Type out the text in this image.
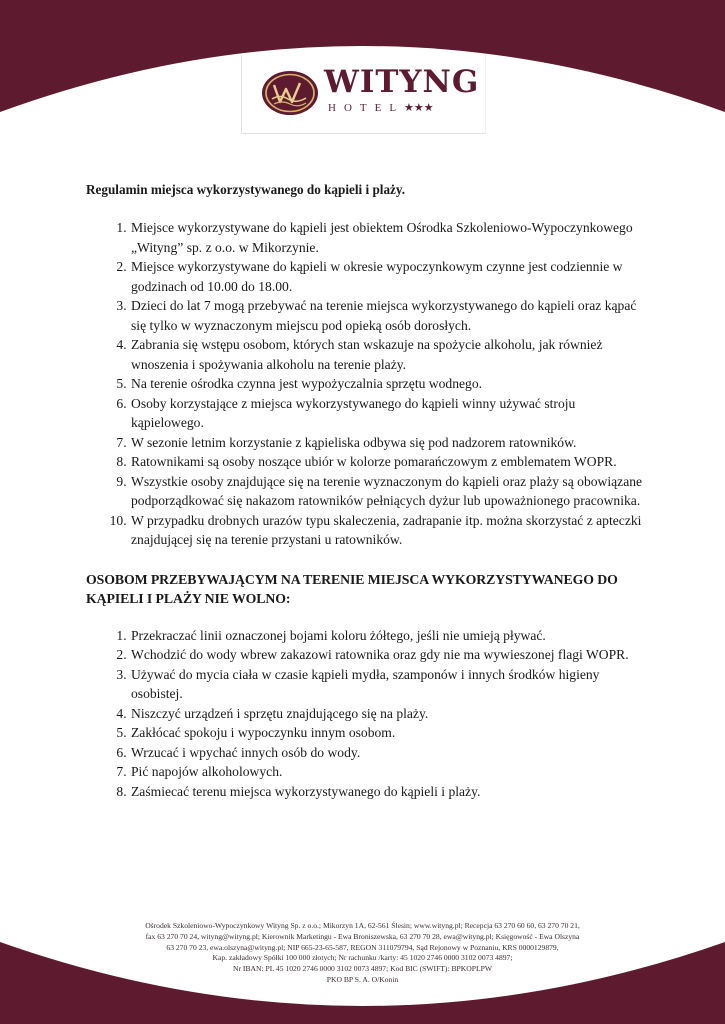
WITYNG
HOTEL★★★

Regulamin miejsca wykorzystywanego do kąpieli i plaży.

1. Miejsce wykorzystywane do kąpieli jest obiektem Ośrodka Szkoleniowo-Wypoczynkowego „Wityng” sp. z o.o. w Mikorzynie.
2. Miejsce wykorzystywane do kąpieli w okresie wypoczynkowym czynne jest codziennie w godzinach od 10.00 do 18.00.
3. Dzieci do lat 7 mogą przebywać na terenie miejsca wykorzystywanego do kąpieli oraz kąpać się tylko w wyznaczonym miejscu pod opieką osób dorosłych.
4. Zabrania się wstępu osobom, których stan wskazuje na spożycie alkoholu, jak również wnoszenia i spożywania alkoholu na terenie plaży.
5. Na terenie ośrodka czynna jest wypożyczalnia sprzętu wodnego.
6. Osoby korzystające z miejsca wykorzystywanego do kąpieli winny używać stroju kąpielowego.
7. W sezonie letnim korzystanie z kąpieliska odbywa się pod nadzorem ratowników.
8. Ratownikami są osoby noszące ubiór w kolorze pomarańczowym z emblematem WOPR.
9. Wszystkie osoby znajdujące się na terenie wyznaczonym do kąpieli oraz plaży są obowiązane podporządkować się nakazom ratowników pełniących dyżur lub upoważnionego pracownika.
10. W przypadku drobnych urazów typu skaleczenia, zadrapanie itp. można skorzystać z apteczki znajdującej się na terenie przystani u ratowników.

OSOBOM PRZEBYWAJĄCYM NA TERENIE MIEJSCA WYKORZYSTYWANEGO DO KĄPIELI I PLAŻY NIE WOLNO:

1. Przekraczać linii oznaczonej bojami koloru żółtego, jeśli nie umieją pływać.
2. Wchodzić do wody wbrew zakazowi ratownika oraz gdy nie ma wywieszonej flagi WOPR.
3. Używać do mycia ciała w czasie kąpieli mydła, szamponów i innych środków higieny osobistej.
4. Niszczyć urządzeń i sprzętu znajdującego się na plaży.
5. Zakłócać spokoju i wypoczynku innym osobom.
6. Wrzucać i wpychać innych osób do wody.
7. Pić napojów alkoholowych.
8. Zaśmiecać terenu miejsca wykorzystywanego do kąpieli i plaży.
Ośrodek Szkoleniowo-Wypoczynkowy Wityng Sp. z o.o.; Mikorzyn 1A, 62-561 Ślesin; www.wityng.pl; Recepcja 63 270 60 60, 63 270 70 21,
fax 63 270 70 24, wityng@wityng.pl; Kierownik Marketingu - Ewa Broniszewska, 63 270 70 28, ewa@wityng.pl; Księgowość - Ewa Olszyna
63 270 70 23, ewa.olszyna@wityng.pl; NIP 665-23-65-587, REGON 311079794, Sąd Rejonowy w Poznaniu, KRS 0000129879,
Kap. zakładowy Spółki 100 000 złotych; Nr rachunku /karty: 45 1020 2746 0000 3102 0073 4897;
Nr IBAN: PL 45 1020 2746 0000 3102 0073 4897; Kod BIC (SWIFT): BPKOPLPW
PKO BP S. A. O/Konin
